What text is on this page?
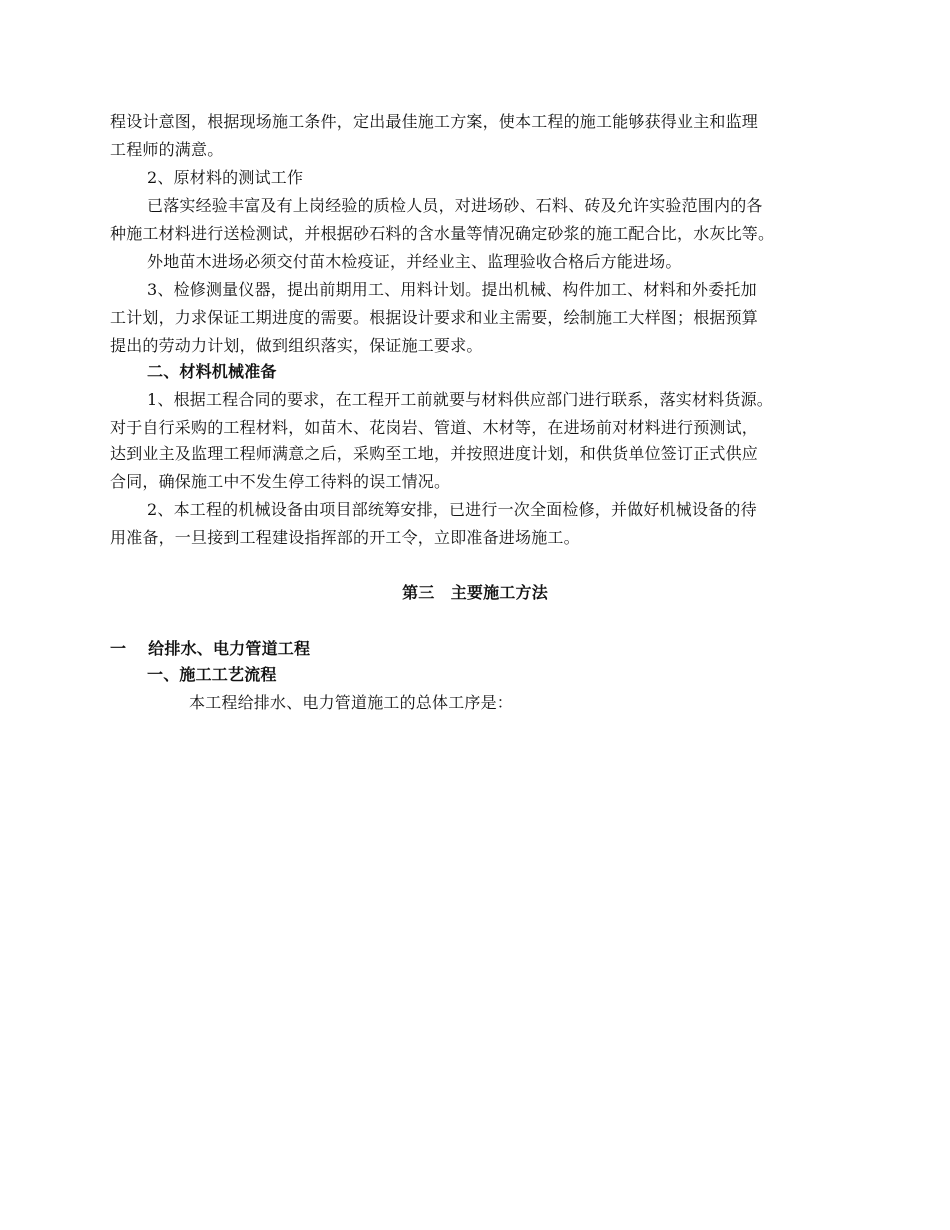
程设计意图，根据现场施工条件，定出最佳施工方案，使本工程的施工能够获得业主和监理
工程师的满意。
2、原材料的测试工作
已落实经验丰富及有上岗经验的质检人员，对进场砂、石料、砖及允许实验范围内的各
种施工材料进行送检测试，并根据砂石料的含水量等情况确定砂浆的施工配合比，水灰比等。
外地苗木进场必须交付苗木检疫证，并经业主、监理验收合格后方能进场。
3、检修测量仪器，提出前期用工、用料计划。提出机械、构件加工、材料和外委托加
工计划，力求保证工期进度的需要。根据设计要求和业主需要，绘制施工大样图；根据预算
提出的劳动力计划，做到组织落实，保证施工要求。
二、材料机械准备
1、根据工程合同的要求，在工程开工前就要与材料供应部门进行联系，落实材料货源。
对于自行采购的工程材料，如苗木、花岗岩、管道、木材等，在进场前对材料进行预测试，
达到业主及监理工程师满意之后，采购至工地，并按照进度计划，和供货单位签订正式供应
合同，确保施工中不发生停工待料的误工情况。
2、本工程的机械设备由项目部统筹安排，已进行一次全面检修，并做好机械设备的待
用准备，一旦接到工程建设指挥部的开工令，立即准备进场施工。
第三　主要施工方法
一　 给排水、电力管道工程
一、施工工艺流程
本工程给排水、电力管道施工的总体工序是：
